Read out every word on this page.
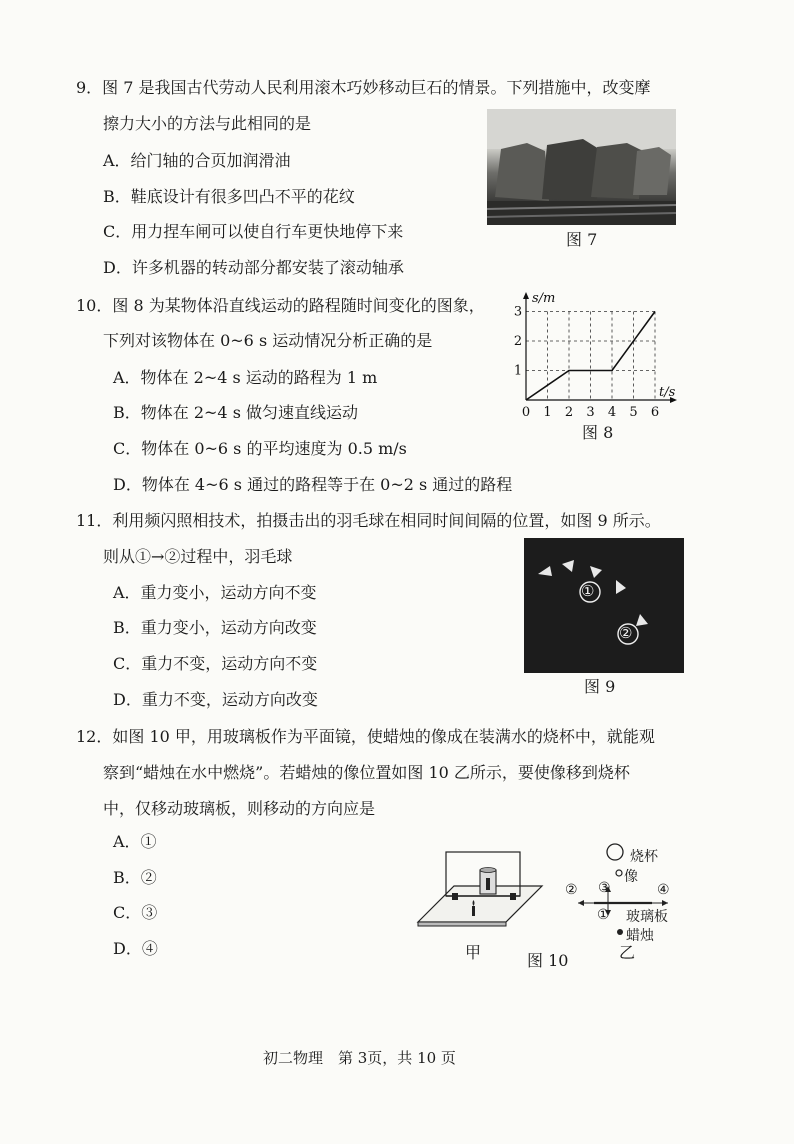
9．图 7 是我国古代劳动人民利用滚木巧妙移动巨石的情景。下列措施中，改变摩
擦力大小的方法与此相同的是
A．给门轴的合页加润滑油
B．鞋底设计有很多凹凸不平的花纹
C．用力捏车闸可以使自行车更快地停下来
D．许多机器的转动部分都安装了滚动轴承
图 7
10．图 8 为某物体沿直线运动的路程随时间变化的图象，
下列对该物体在 0~6 s 运动情况分析正确的是
A．物体在 2~4 s 运动的路程为 1 m
B．物体在 2~4 s 做匀速直线运动
C．物体在 0~6 s 的平均速度为 0.5 m/s
D．物体在 4~6 s 通过的路程等于在 0~2 s 通过的路程
0 1 2 3 4 5 6
1
2
3
s/m
t/s
图 8
11．利用频闪照相技术，拍摄击出的羽毛球在相同时间间隔的位置，如图 9 所示。
则从①→②过程中，羽毛球
A．重力变小，运动方向不变
B．重力变小，运动方向改变
C．重力不变，运动方向不变
D．重力不变，运动方向改变
①
②
图 9
12．如图 10 甲，用玻璃板作为平面镜，使蜡烛的像成在装满水的烧杯中，就能观
察到“蜡烛在水中燃烧”。若蜡烛的像位置如图 10 乙所示，要使像移到烧杯
中，仅移动玻璃板，则移动的方向应是
A．①
B．②
C．③
D．④	甲	图 10
烧杯
像
② ③	④
① 玻璃板
蜡烛
乙
初二物理　第 3页，共 10 页
